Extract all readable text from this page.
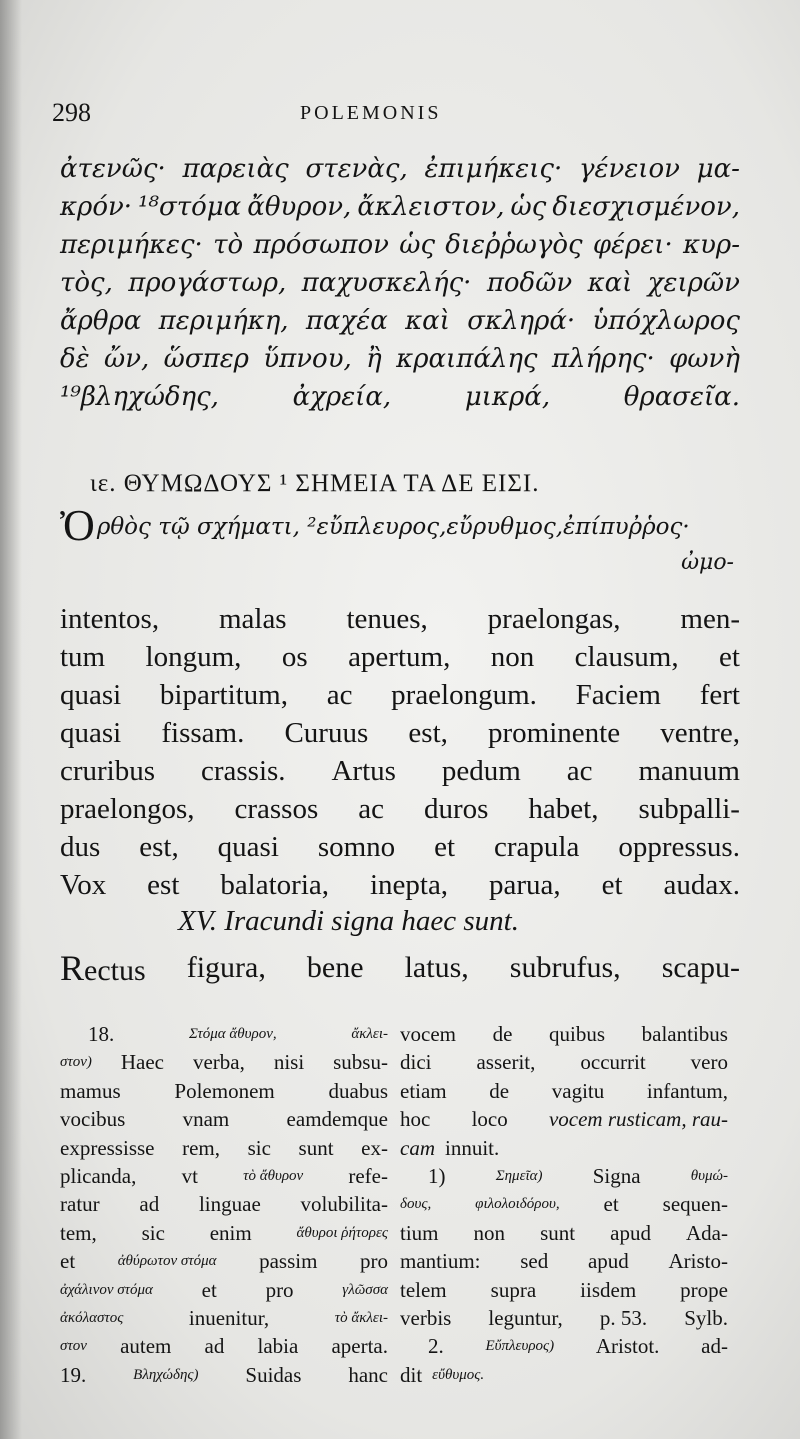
298	POLEMONIS
ἀτενῶς· παρειὰς στενὰς, ἐπιμήκεις· γένειον μα-
κρόν· ¹⁸στόμα ἄθυρον, ἄκλειστον, ὡς διεσχισμένον,
περιμήκες· τὸ πρόσωπον ὡς διεῤῥωγὸς φέρει· κυρ-
τὸς, προγάστωρ, παχυσκελής· ποδῶν καὶ χειρῶν
ἄρθρα περιμήκη, παχέα καὶ σκληρά· ὑπόχλωρος
δὲ ὤν, ὥσπερ ὕπνου, ἢ κραιπάλης πλήρης· φωνὴ
¹⁹βληχώδης,	ἀχρεία,	μικρά,	θρασεῖα.
ιε. ΘΥΜΩΔΟΥΣ ¹ ΣΗΜΕΙΑ ΤΑ ΔΕ ΕΙΣΙ.
Ὀρθὸς τῷ σχήματι, ²εὔπλευρος,εὔρυθμος,ἐπίπυῤῥος·
ὠμο-
intentos, malas tenues, praelongas, men-
tum longum, os apertum, non clausum, et
quasi bipartitum, ac praelongum. Faciem fert
quasi fissam. Curuus est, prominente ventre,
cruribus crassis. Artus pedum ac manuum
praelongos, crassos ac duros habet, subpalli-
dus est, quasi somno et crapula oppressus.
Vox est balatoria, inepta, parua, et audax.
XV. Iracundi signa haec sunt.
Rectus figura, bene latus, subrufus, scapu-
18.	Στόμα ἄθυρον,	ἄκλει-
στον) Haec verba, nisi subsu-
mamus	Polemonem	duabus
vocibus	vnam	eamdemque
expressisse rem, sic sunt ex-
plicanda, vt	τὸ ἄθυρον refe-
ratur ad linguae volubilita-
tem, sic enim	ἄθυροι ῥήτορες
et	ἀθύρωτον στόμα passim pro
ἀχάλινον στόμα et pro	γλῶσσα
ἀκόλαστος	inuenitur,	τὸ ἄκλει-
στον autem ad labia aperta.
19.	Βληχώδης) Suidas hanc
vocem de quibus balantibus
dici asserit, occurrit vero
etiam de vagitu infantum,
hoc loco vocem rusticam, rau-
cam innuit.
1)	Σημεῖα) Signa	θυμώ-
δους,	φιλολοιδόρου, et sequen-
tium non sunt apud Ada-
mantium: sed apud Aristo-
telem supra iisdem prope
verbis leguntur, p. 53. Sylb.
2.	Εὔπλευρος) Aristot. ad-
dit εὔθυμος.
